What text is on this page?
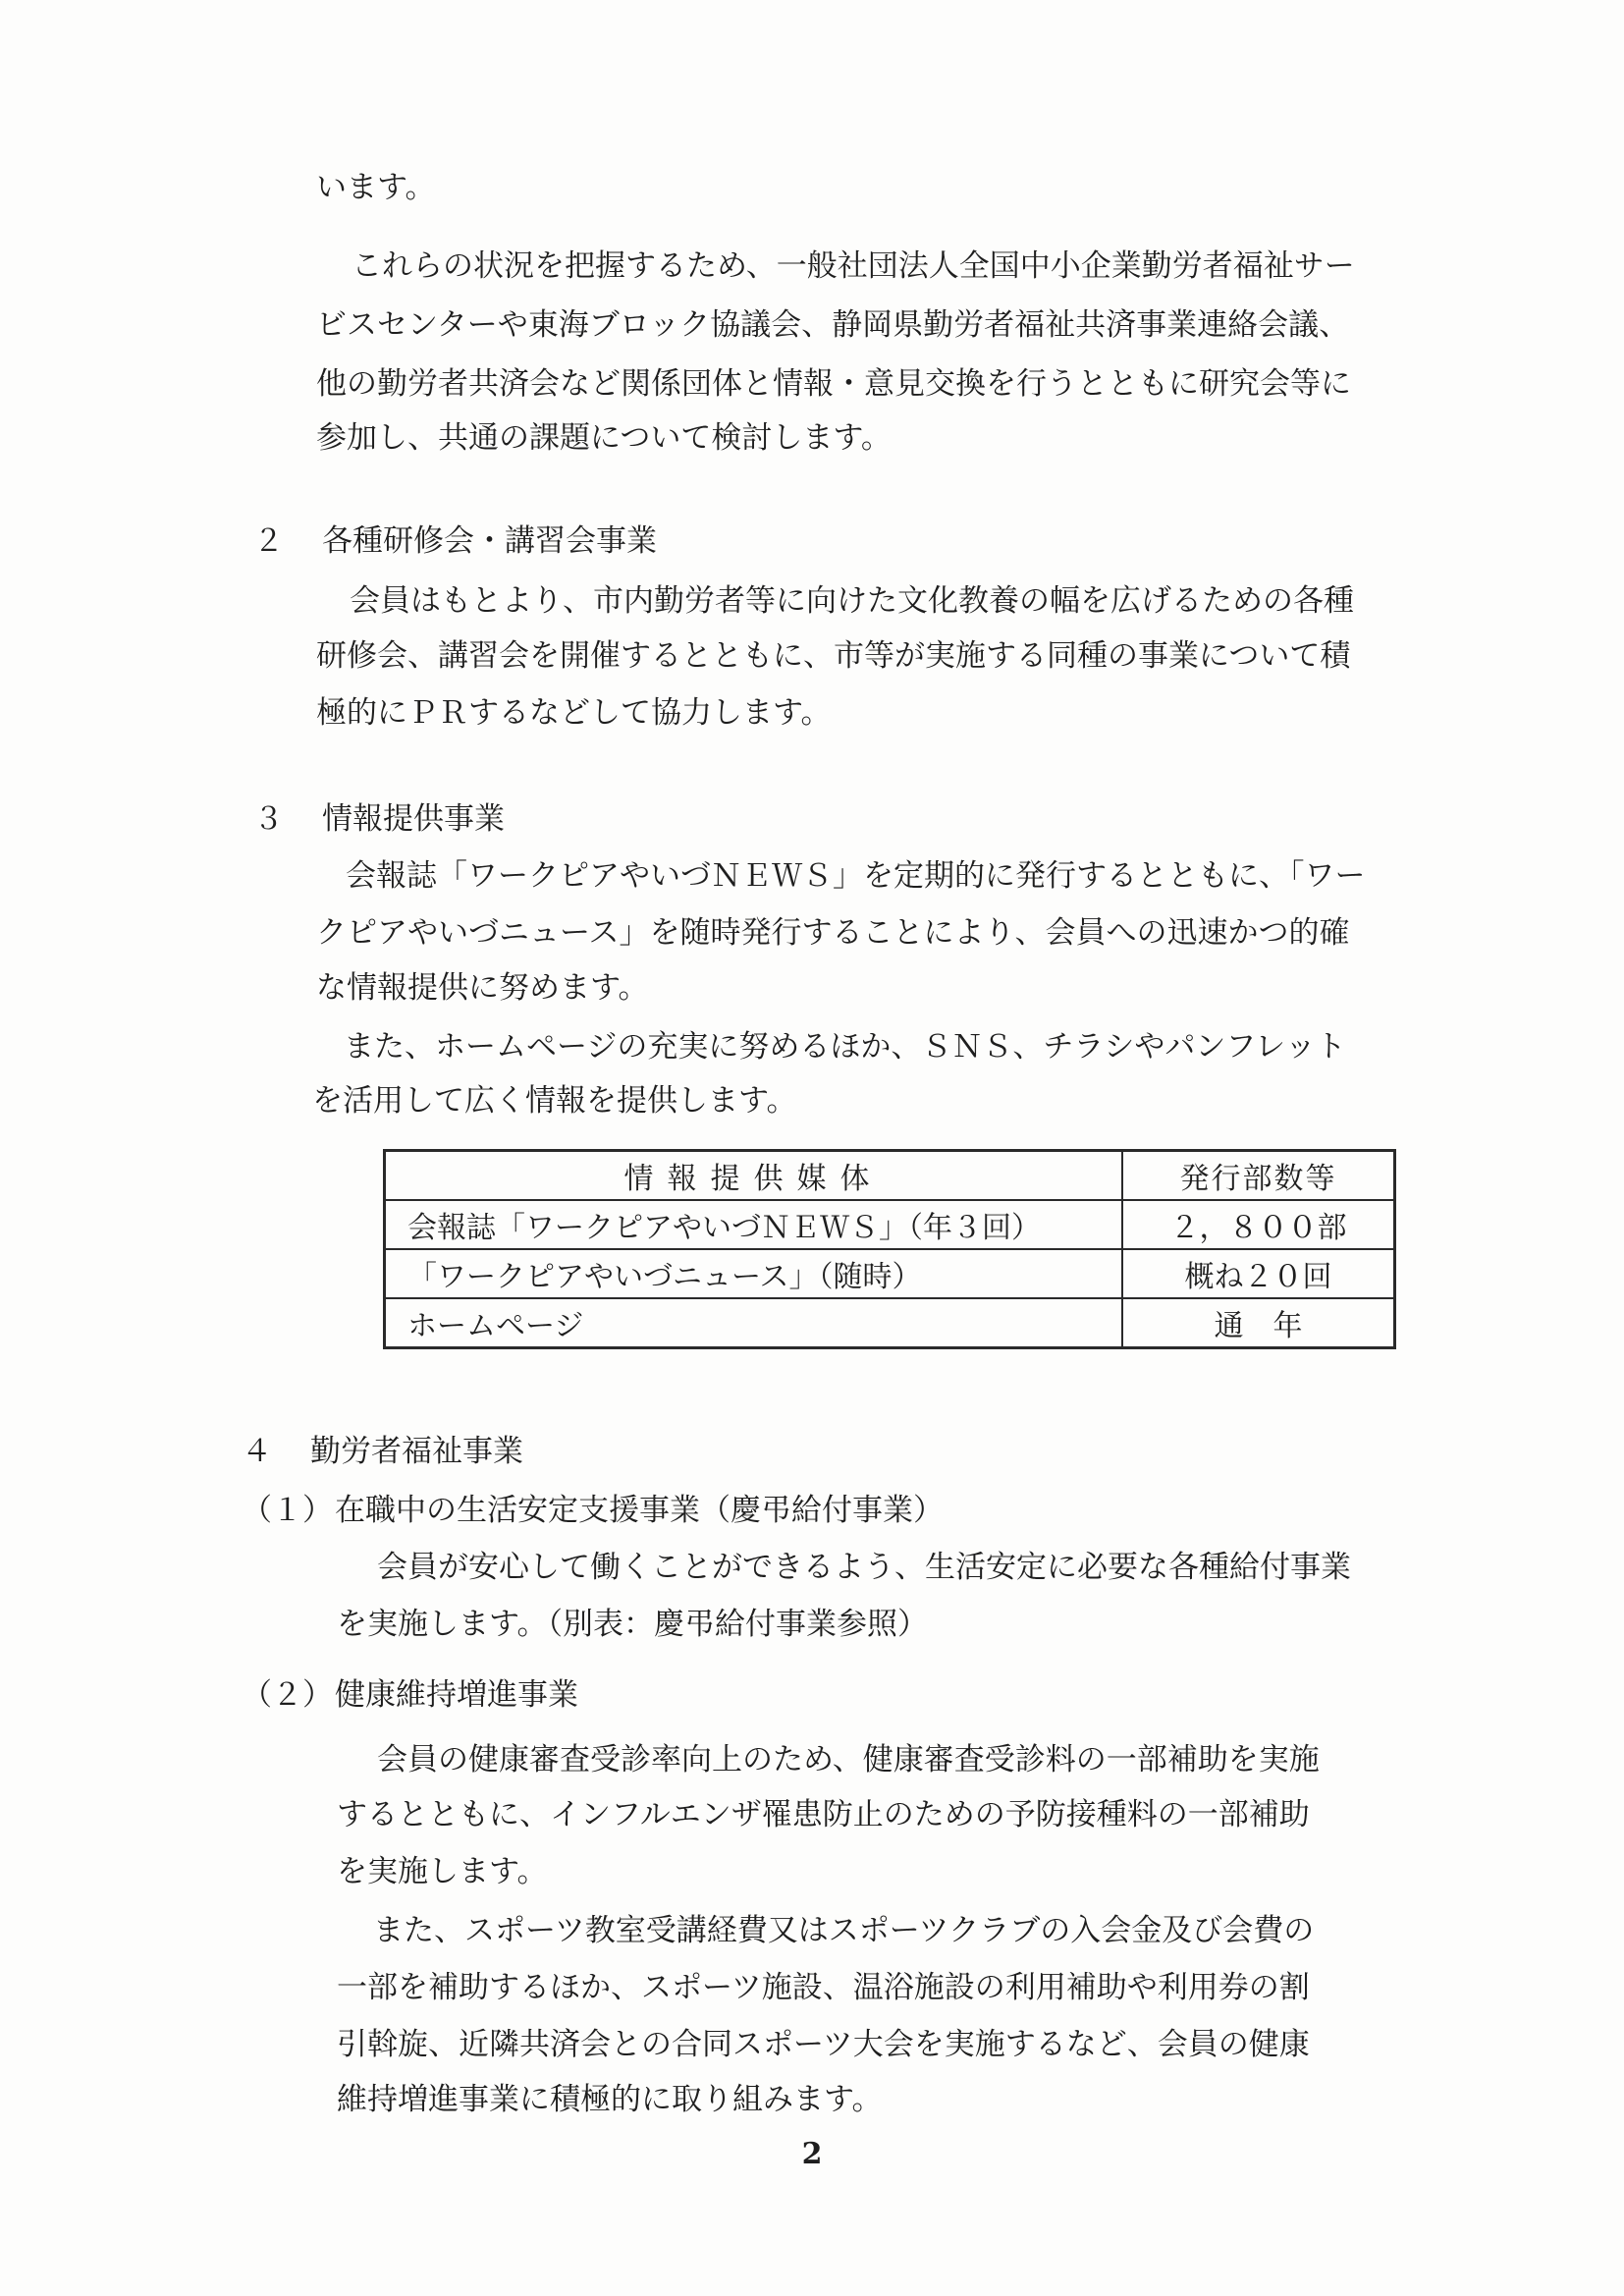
います。

これらの状況を把握するため、一般社団法人全国中小企業勤労者福祉サー

ビスセンターや東海ブロック協議会、静岡県勤労者福祉共済事業連絡会議、

他の勤労者共済会など関係団体と情報・意見交換を行うとともに研究会等に

参加し、共通の課題について検討します。

２ 各種研修会・講習会事業

会員はもとより、市内勤労者等に向けた文化教養の幅を広げるための各種

研修会、講習会を開催するとともに、市等が実施する同種の事業について積

極的にＰＲするなどして協力します。

３ 情報提供事業

会報誌「ワークピアやいづＮＥＷＳ」を定期的に発行するとともに、「ワー

クピアやいづニュース」を随時発行することにより、会員への迅速かつ的確

な情報提供に努めます。

また、ホームページの充実に努めるほか、ＳＮＳ、チラシやパンフレット

を活用して広く情報を提供します。

情報提供媒体	発行部数等
会報誌「ワークピアやいづＮＥＷＳ」（年３回）	２，８００部
「ワークピアやいづニュース」（随時）	概ね２０回
ホームページ	通　年

４ 勤労者福祉事業

（１）在職中の生活安定支援事業（慶弔給付事業）

会員が安心して働くことができるよう、生活安定に必要な各種給付事業

を実施します。（別表：慶弔給付事業参照）

（２）健康維持増進事業

会員の健康審査受診率向上のため、健康審査受診料の一部補助を実施

するとともに、インフルエンザ罹患防止のための予防接種料の一部補助

を実施します。

また、スポーツ教室受講経費又はスポーツクラブの入会金及び会費の

一部を補助するほか、スポーツ施設、温浴施設の利用補助や利用券の割

引斡旋、近隣共済会との合同スポーツ大会を実施するなど、会員の健康

維持増進事業に積極的に取り組みます。

2
